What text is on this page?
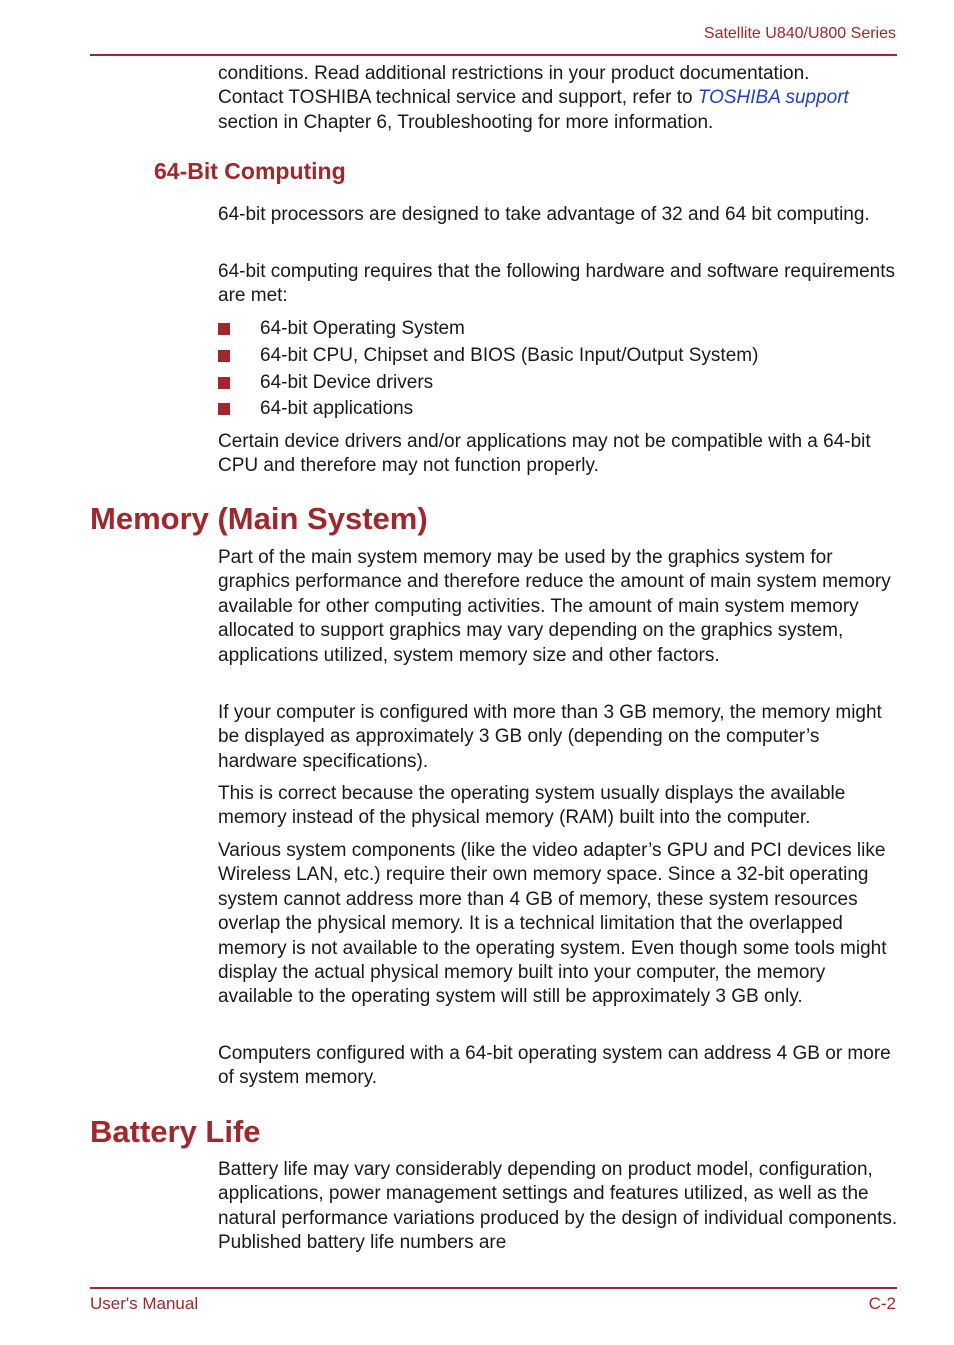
Satellite U840/U800 Series

conditions. Read additional restrictions in your product documentation.
Contact TOSHIBA technical service and support, refer to TOSHIBA support
section in Chapter 6, Troubleshooting for more information.

64-Bit Computing

64-bit processors are designed to take advantage of 32 and 64 bit computing.

64-bit computing requires that the following hardware and software requirements are met:

64-bit Operating System
64-bit CPU, Chipset and BIOS (Basic Input/Output System)
64-bit Device drivers
64-bit applications

Certain device drivers and/or applications may not be compatible with a 64-bit CPU and therefore may not function properly.

Memory (Main System)

Part of the main system memory may be used by the graphics system for graphics performance and therefore reduce the amount of main system memory available for other computing activities. The amount of main system memory allocated to support graphics may vary depending on the graphics system, applications utilized, system memory size and other factors.

If your computer is configured with more than 3 GB memory, the memory might be displayed as approximately 3 GB only (depending on the computer’s hardware specifications).

This is correct because the operating system usually displays the available memory instead of the physical memory (RAM) built into the computer.

Various system components (like the video adapter’s GPU and PCI devices like Wireless LAN, etc.) require their own memory space. Since a 32-bit operating system cannot address more than 4 GB of memory, these system resources overlap the physical memory. It is a technical limitation that the overlapped memory is not available to the operating system. Even though some tools might display the actual physical memory built into your computer, the memory available to the operating system will still be approximately 3 GB only.

Computers configured with a 64-bit operating system can address 4 GB or more of system memory.

Battery Life

Battery life may vary considerably depending on product model, configuration, applications, power management settings and features utilized, as well as the natural performance variations produced by the design of individual components. Published battery life numbers are

User's Manual	C-2
